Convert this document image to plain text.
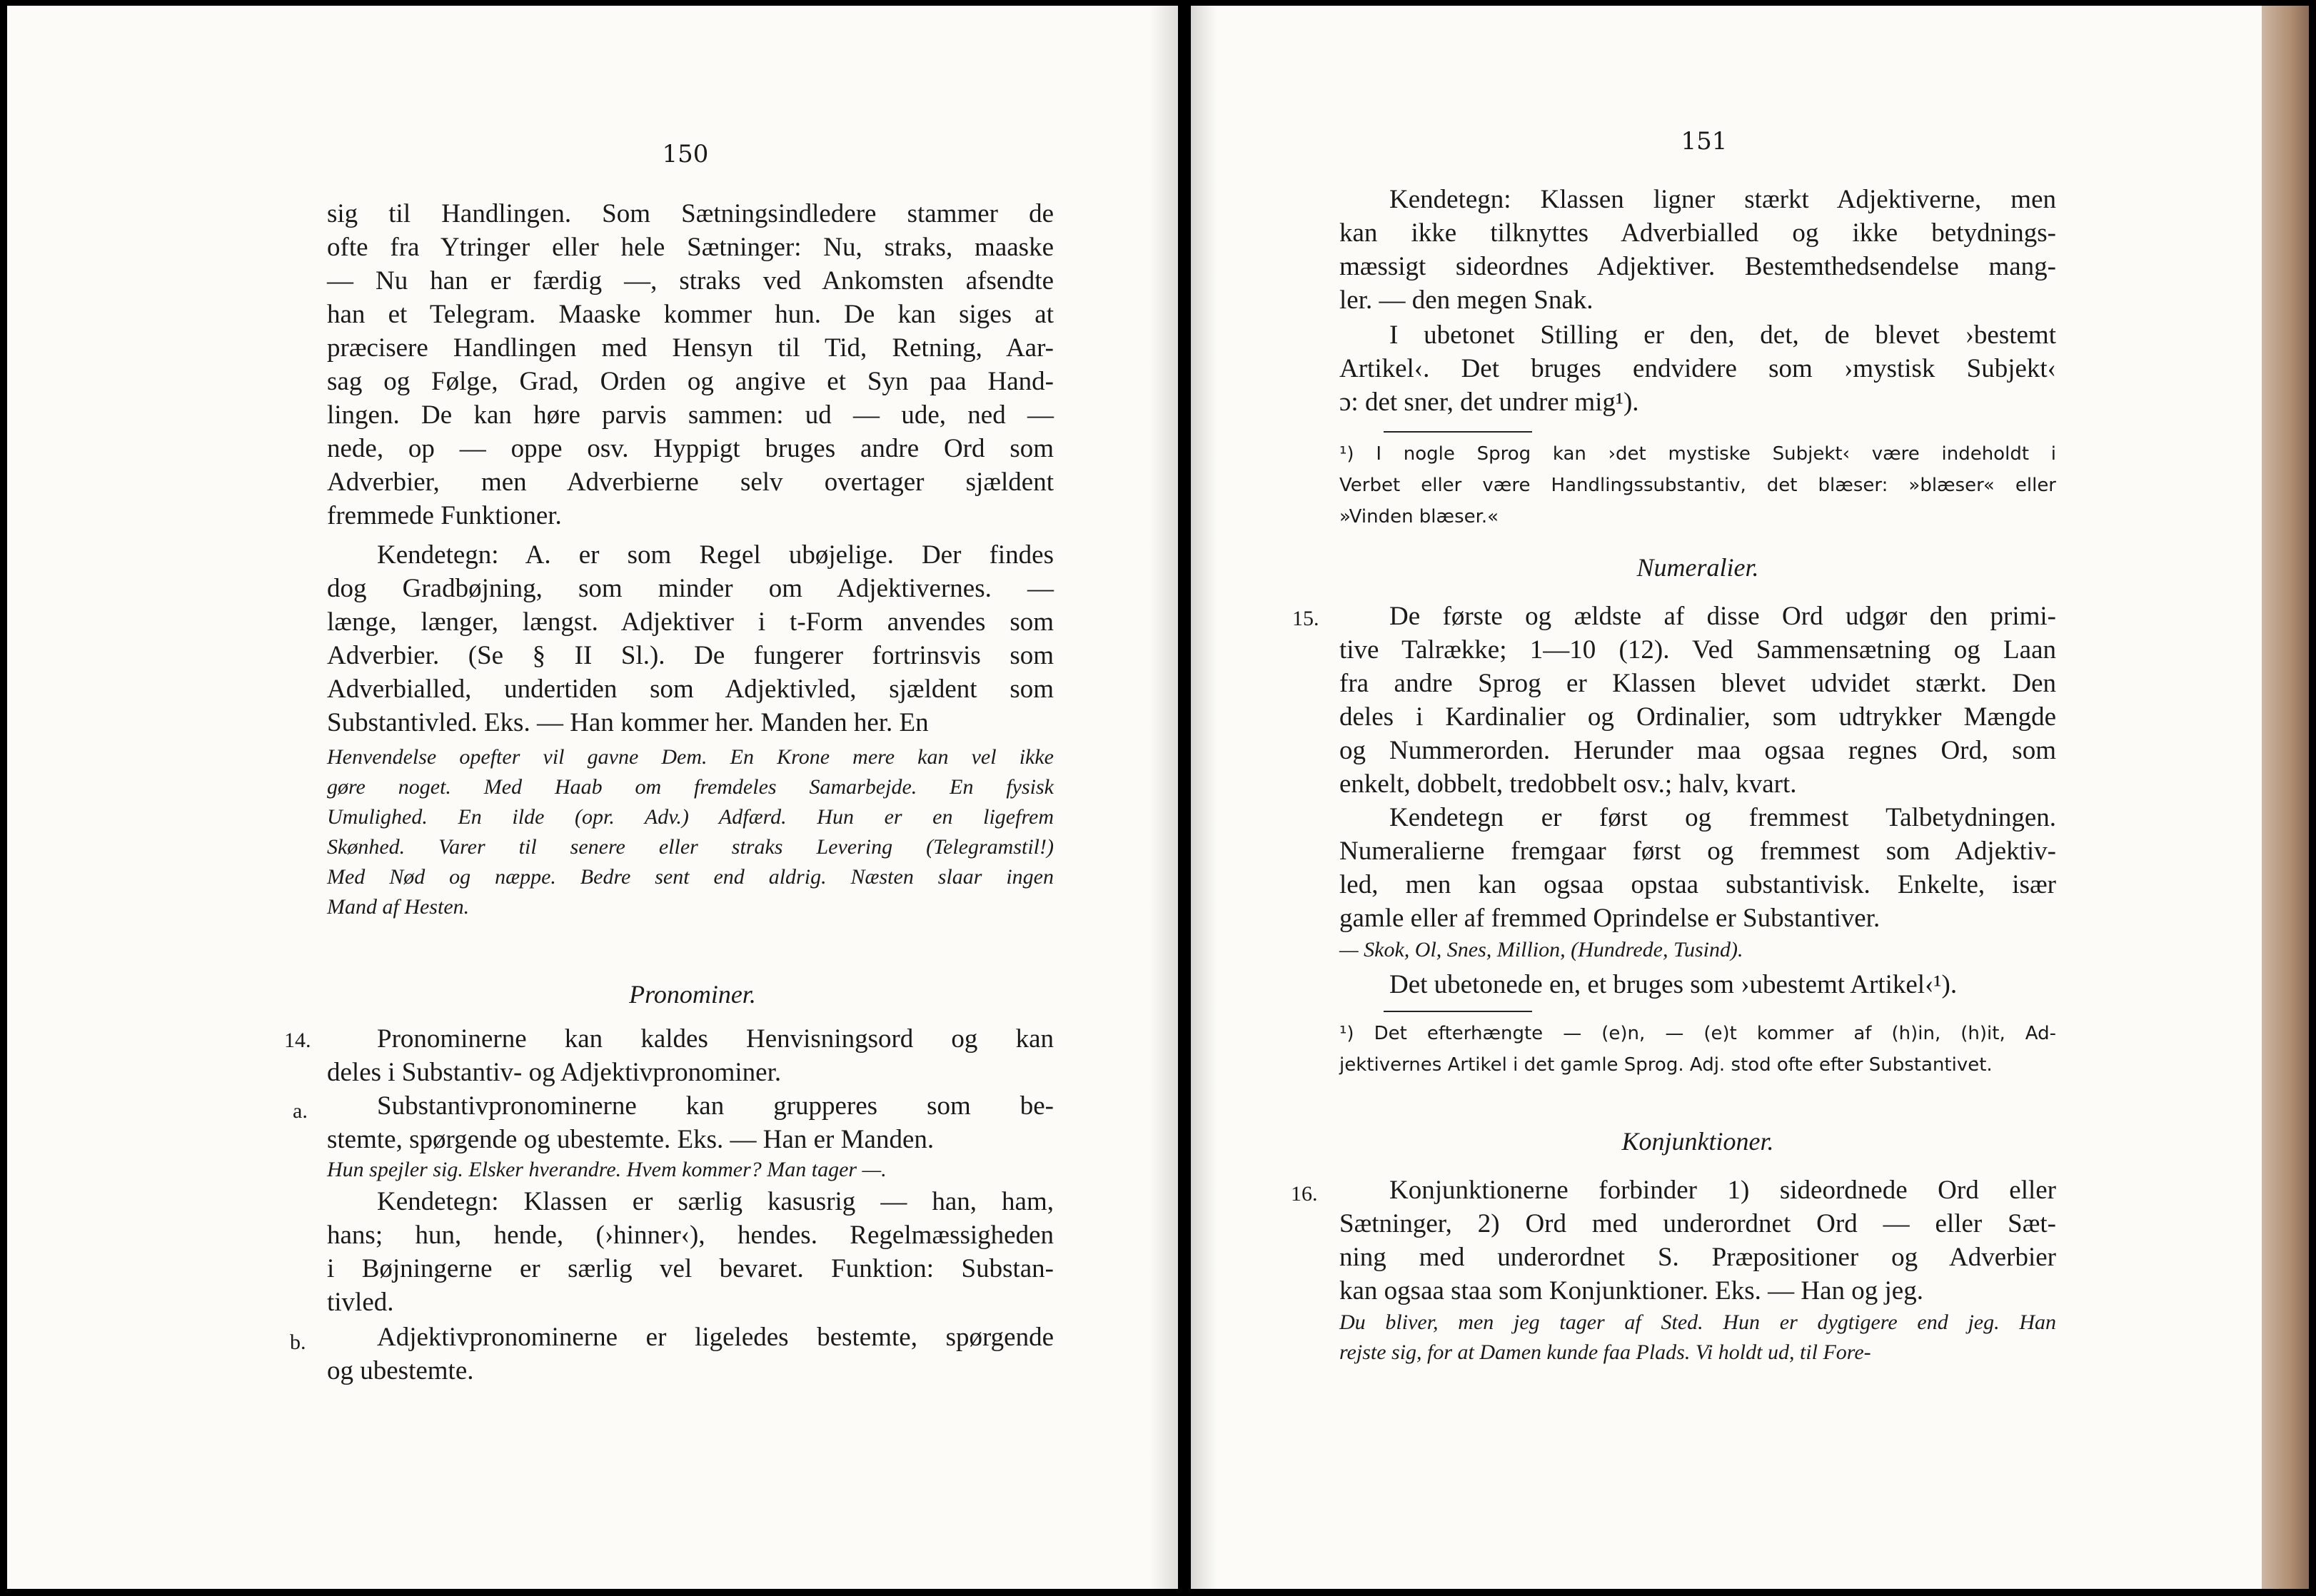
150
sig til Handlingen. Som Sætningsindledere stammer de
ofte fra Ytringer eller hele Sætninger: Nu, straks, maaske
— Nu han er færdig —, straks ved Ankomsten afsendte
han et Telegram. Maaske kommer hun. De kan siges at
præcisere Handlingen med Hensyn til Tid, Retning, Aar-
sag og Følge, Grad, Orden og angive et Syn paa Hand-
lingen. De kan høre parvis sammen: ud — ude, ned —
nede, op — oppe osv. Hyppigt bruges andre Ord som
Adverbier, men Adverbierne selv overtager sjældent
fremmede Funktioner.
Kendetegn: A. er som Regel ubøjelige. Der findes
dog Gradbøjning, som minder om Adjektivernes. —
længe, længer, længst. Adjektiver i t-Form anvendes som
Adverbier. (Se § II Sl.). De fungerer fortrinsvis som
Adverbialled, undertiden som Adjektivled, sjældent som
Substantivled. Eks. — Han kommer her. Manden her. En
Henvendelse opefter vil gavne Dem. En Krone mere kan vel ikke
gøre noget. Med Haab om fremdeles Samarbejde. En fysisk
Umulighed. En ilde (opr. Adv.) Adfærd. Hun er en ligefrem
Skønhed. Varer til senere eller straks Levering (Telegramstil!)
Med Nød og næppe. Bedre sent end aldrig. Næsten slaar ingen
Mand af Hesten.
Pronominer.
14.	Pronominerne kan kaldes Henvisningsord og kan
deles i Substantiv- og Adjektivpronominer.
a.	Substantivpronominerne kan grupperes som be-
stemte, spørgende og ubestemte. Eks. — Han er Manden.
Hun spejler sig. Elsker hverandre. Hvem kommer? Man tager —.
Kendetegn: Klassen er særlig kasusrig — han, ham,
hans; hun, hende, (›hinner‹), hendes. Regelmæssigheden
i Bøjningerne er særlig vel bevaret. Funktion: Substan-
tivled.
b.	Adjektivpronominerne er ligeledes bestemte, spørgende
og ubestemte.
151
Kendetegn: Klassen ligner stærkt Adjektiverne, men
kan ikke tilknyttes Adverbialled og ikke betydnings-
mæssigt sideordnes Adjektiver. Bestemthedsendelse mang-
ler. — den megen Snak.
I ubetonet Stilling er den, det, de blevet ›bestemt
Artikel‹. Det bruges endvidere som ›mystisk Subjekt‹
ɔ: det sner, det undrer mig¹).
¹) I nogle Sprog kan ›det mystiske Subjekt‹ være indeholdt i
Verbet eller være Handlingssubstantiv, det blæser: »blæser« eller
»Vinden blæser.«
Numeralier.
15.	De første og ældste af disse Ord udgør den primi-
tive Talrække; 1—10 (12). Ved Sammensætning og Laan
fra andre Sprog er Klassen blevet udvidet stærkt. Den
deles i Kardinalier og Ordinalier, som udtrykker Mængde
og Nummerorden. Herunder maa ogsaa regnes Ord, som
enkelt, dobbelt, tredobbelt osv.; halv, kvart.
Kendetegn er først og fremmest Talbetydningen.
Numeralierne fremgaar først og fremmest som Adjektiv-
led, men kan ogsaa opstaa substantivisk. Enkelte, især
gamle eller af fremmed Oprindelse er Substantiver.
— Skok, Ol, Snes, Million, (Hundrede, Tusind).
Det ubetonede en, et bruges som ›ubestemt Artikel‹¹).
¹) Det efterhængte — (e)n, — (e)t kommer af (h)in, (h)it, Ad-
jektivernes Artikel i det gamle Sprog. Adj. stod ofte efter Substantivet.
Konjunktioner.
16.	Konjunktionerne forbinder 1) sideordnede Ord eller
Sætninger, 2) Ord med underordnet Ord — eller Sæt-
ning med underordnet S. Præpositioner og Adverbier
kan ogsaa staa som Konjunktioner. Eks. — Han og jeg.
Du bliver, men jeg tager af Sted. Hun er dygtigere end jeg. Han
rejste sig, for at Damen kunde faa Plads. Vi holdt ud, til Fore-
